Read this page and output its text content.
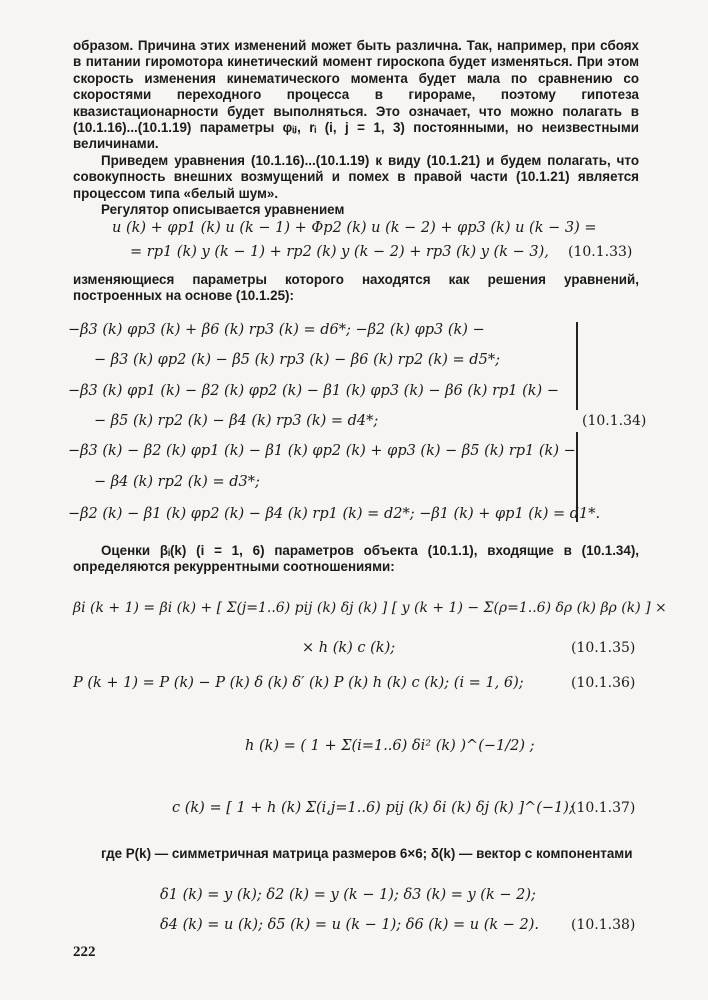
образом. Причина этих изменений может быть различна. Так, например, при сбоях в питании гиромотора кинетический момент гироскопа будет изменяться. При этом скорость изменения кинематического момента будет мала по сравнению со скоростями переходного процесса в гирораме, поэтому гипотеза квазистационарности будет выполняться. Это означает, что можно полагать в (10.1.16)...(10.1.19) параметры φᵢⱼ, rᵢ (i, j = 1, 3) постоянными, но неизвестными величинами.
Приведем уравнения (10.1.16)...(10.1.19) к виду (10.1.21) и будем полагать, что совокупность внешних возмущений и помех в правой части (10.1.21) является процессом типа «белый шум».
Регулятор описывается уравнением
u (k) + φp1 (k) u (k − 1) + Φp2 (k) u (k − 2) + φp3 (k) u (k − 3) =
= rp1 (k) y (k − 1) + rp2 (k) y (k − 2) + rp3 (k) y (k − 3), (10.1.33)
изменяющиеся параметры которого находятся как решения уравнений, построенных на основе (10.1.25):
−β3 (k) φp3 (k) + β6 (k) rp3 (k) = d6*; −β2 (k) φp3 (k) −
− β3 (k) φp2 (k) − β5 (k) rp3 (k) − β6 (k) rp2 (k) = d5*;
−β3 (k) φp1 (k) − β2 (k) φp2 (k) − β1 (k) φp3 (k) − β6 (k) rp1 (k) −
− β5 (k) rp2 (k) − β4 (k) rp3 (k) = d4*;
−β3 (k) − β2 (k) φp1 (k) − β1 (k) φp2 (k) + φp3 (k) − β5 (k) rp1 (k) −
− β4 (k) rp2 (k) = d3*;
−β2 (k) − β1 (k) φp2 (k) − β4 (k) rp1 (k) = d2*; −β1 (k) + φp1 (k) = d1*.
(10.1.34)
Оценки βᵢ(k) (i = 1, 6) параметров объекта (10.1.1), входящие в (10.1.34), определяются рекуррентными соотношениями:
βi (k + 1) = βi (k) + [ Σ(j=1..6) pij (k) δj (k) ] [ y (k + 1) − Σ(ρ=1..6) δρ (k) βρ (k) ] ×
× h (k) c (k);	(10.1.35)
P (k + 1) = P (k) − P (k) δ (k) δ′ (k) P (k) h (k) c (k); (i = 1, 6);	(10.1.36)
h (k) = ( 1 + Σ(i=1..6) δi² (k) )^(−1/2) ;
c (k) = [ 1 + h (k) Σ(i,j=1..6) pij (k) δi (k) δj (k) ]^(−1);
(10.1.37)
где P(k) — симметричная матрица размеров 6×6; δ(k) — вектор с компонентами
δ1 (k) = y (k); δ2 (k) = y (k − 1); δ3 (k) = y (k − 2);
δ4 (k) = u (k); δ5 (k) = u (k − 1); δ6 (k) = u (k − 2). (10.1.38)
222
